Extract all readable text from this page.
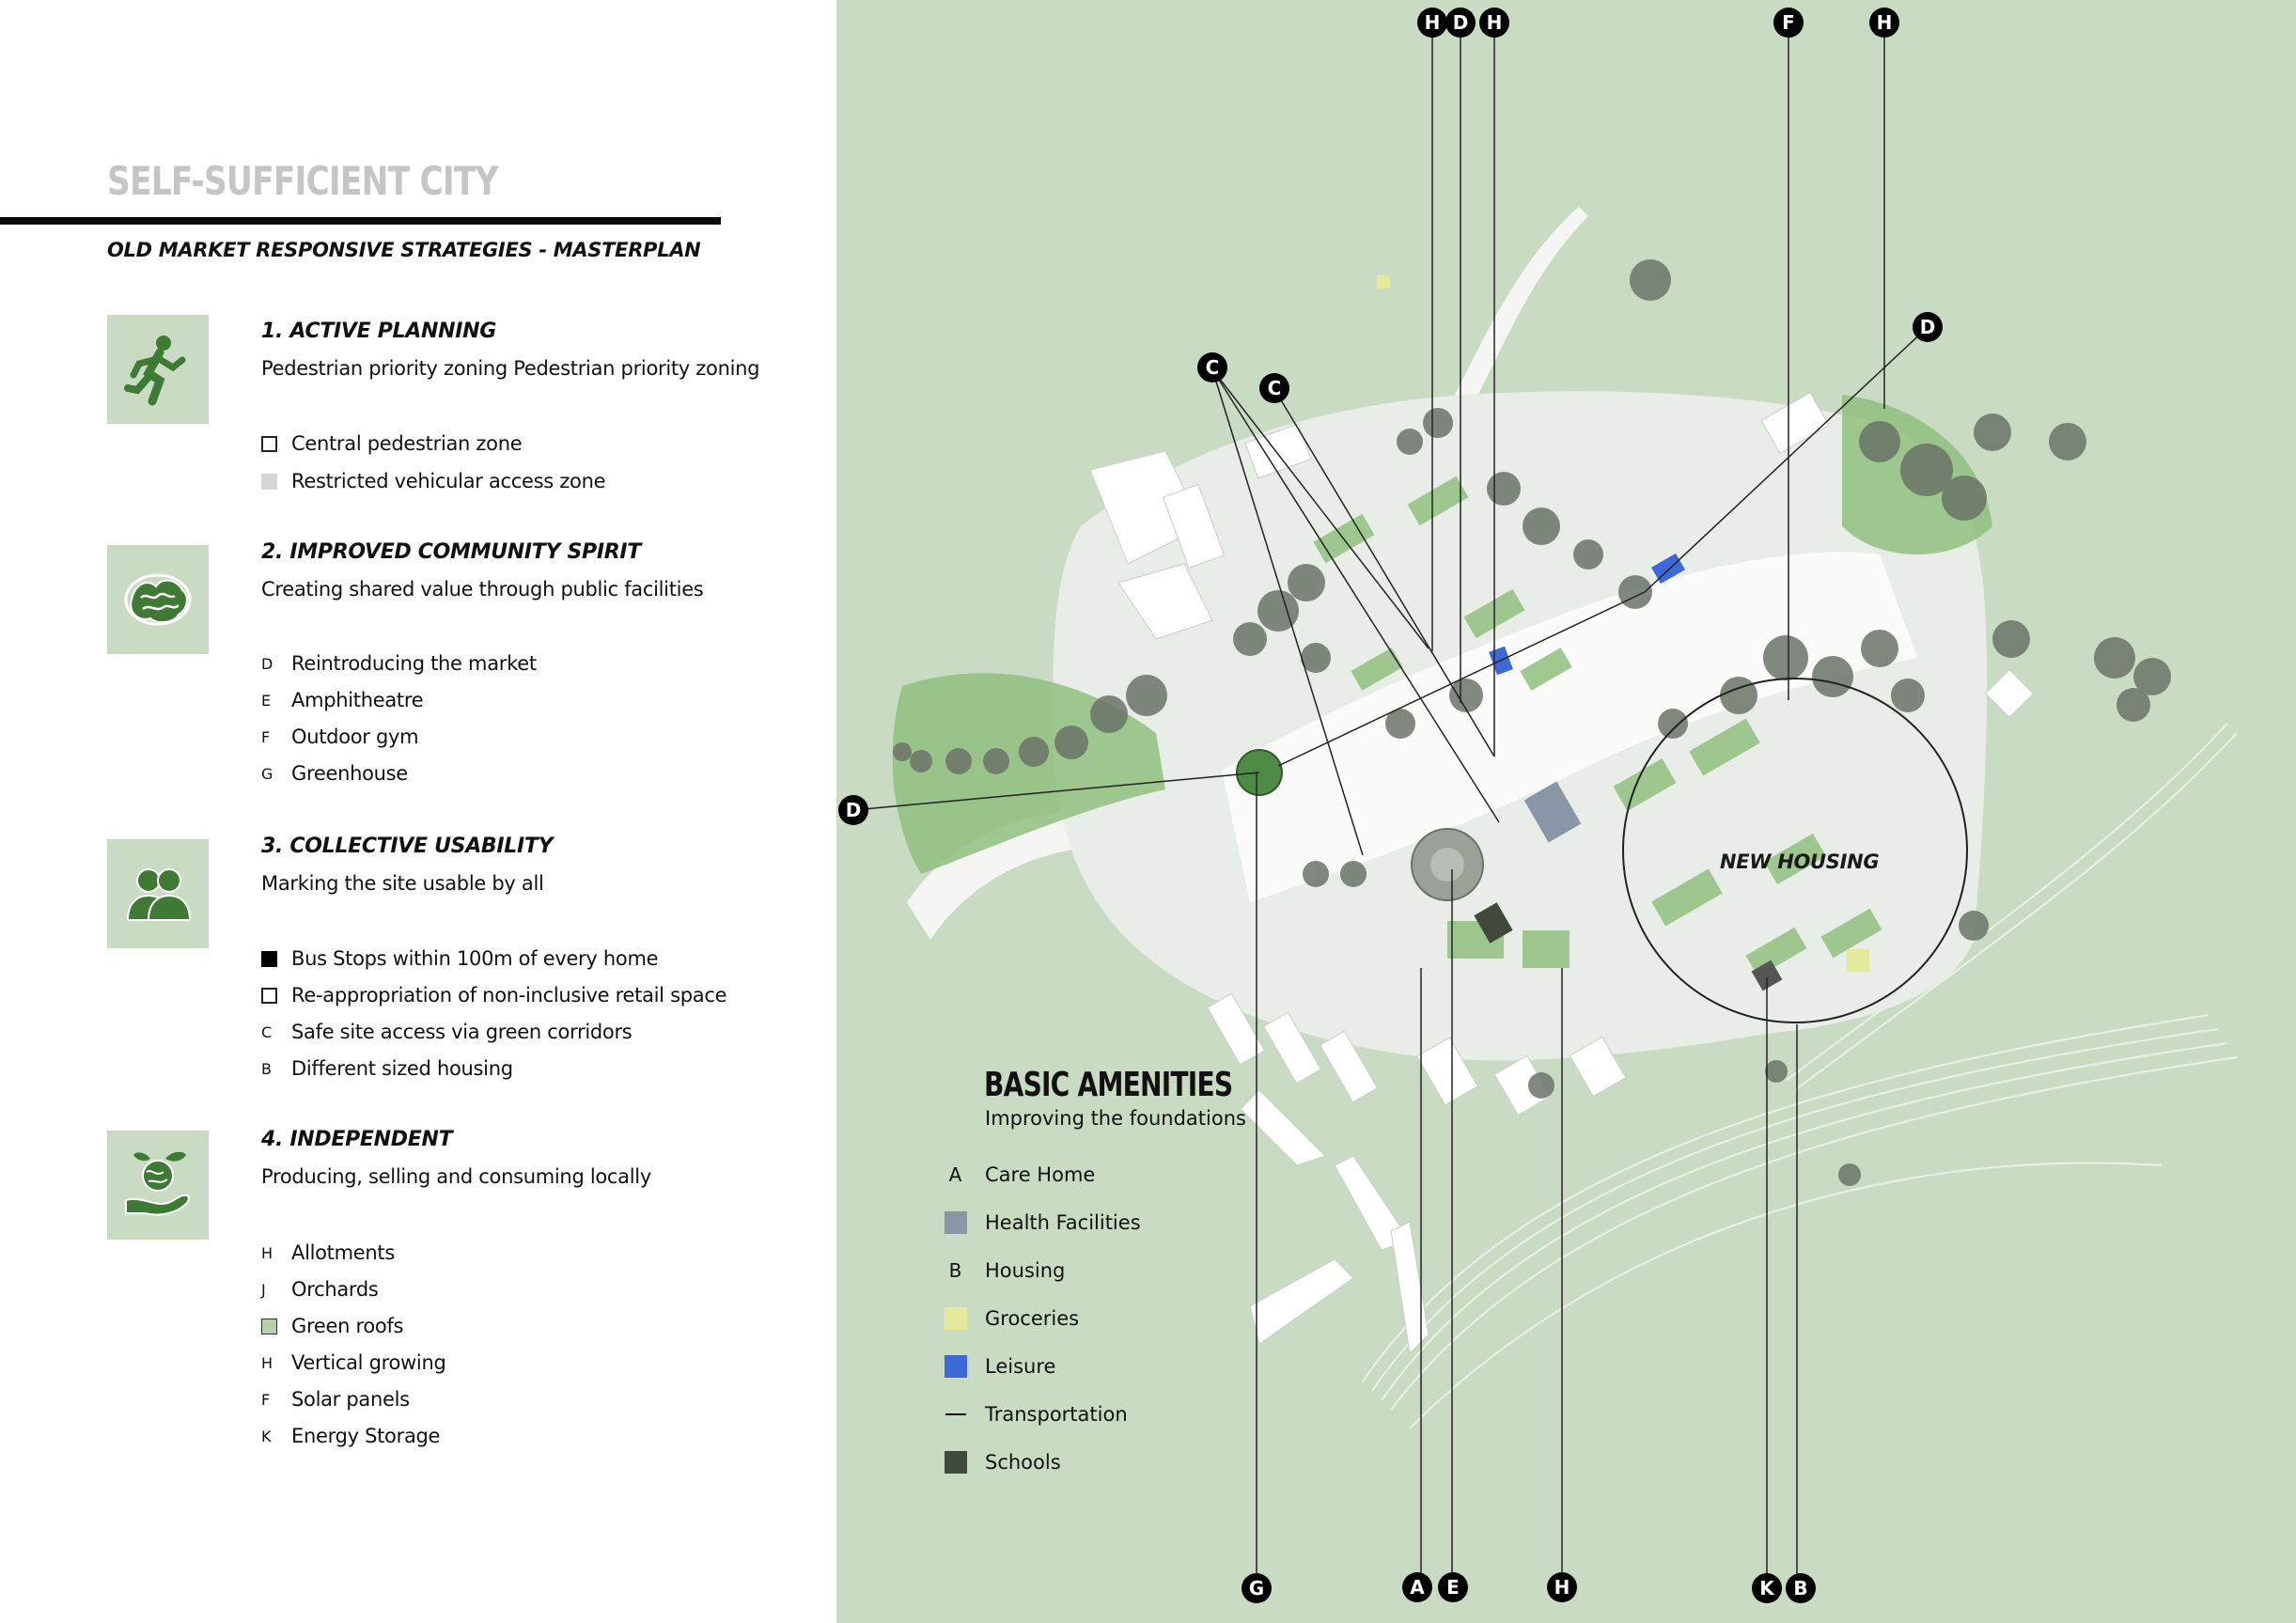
SELF-SUFFICIENT CITY
OLD MARKET RESPONSIVE STRATEGIES - MASTERPLAN
1. ACTIVE PLANNING
Pedestrian priority zoning Pedestrian priority zoning
Central pedestrian zone
Restricted vehicular access zone
2. IMPROVED COMMUNITY SPIRIT
Creating shared value through public facilities
D Reintroducing the market
E	Amphitheatre
F	Outdoor gym
G Greenhouse
3. COLLECTIVE USABILITY
Marking the site usable by all
Bus Stops within 100m of every home
Re-appropriation of non-inclusive retail space
C Safe site access via green corridors
B	Different sized housing
4. INDEPENDENT
Producing, selling and consuming locally
H Allotments
J	Orchards
Green roofs
H Vertical growing
F	Solar panels
K	Energy Storage
H D H	F	H
C
C
D
D
G	A E	H	K B
NEW HOUSING
BASIC AMENITIES
Improving the foundations
A	Care Home
Health Facilities
B	Housing
Groceries
Leisure
Transportation
Schools
